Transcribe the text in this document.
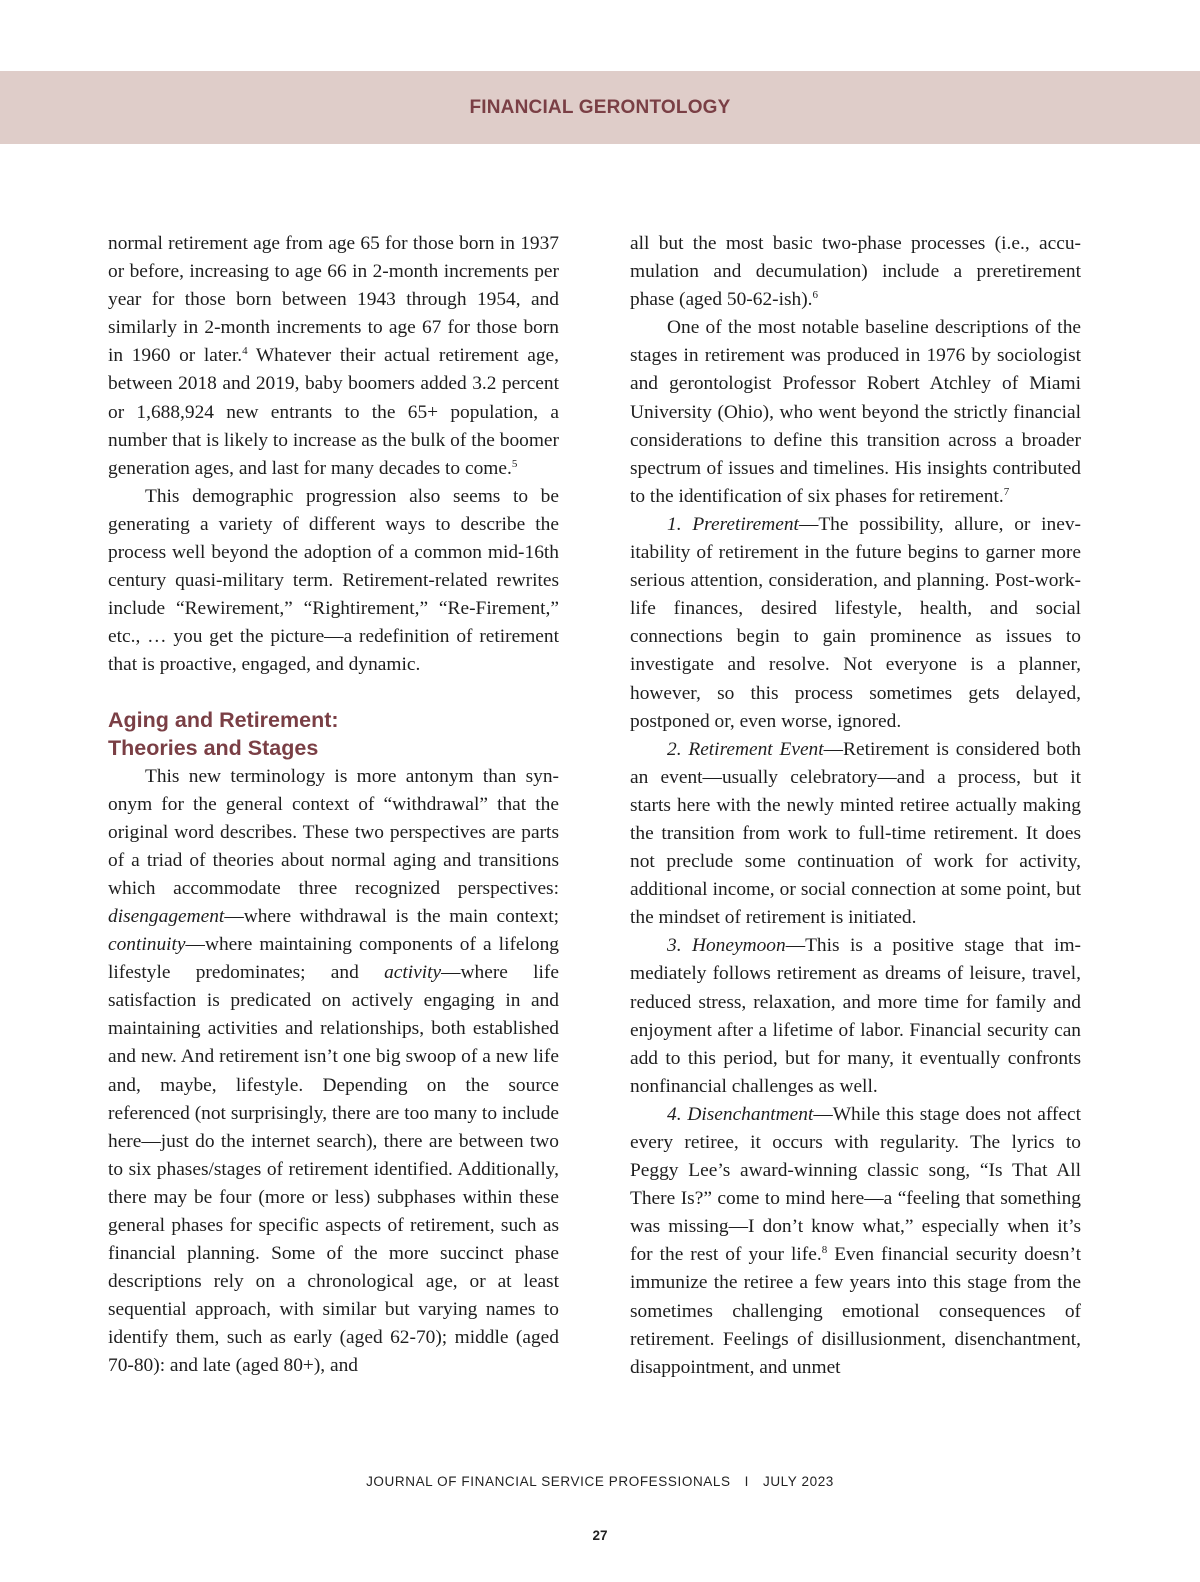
FINANCIAL GERONTOLOGY

normal retirement age from age 65 for those born in 1937 or before, increasing to age 66 in 2-month increments per year for those born between 1943 through 1954, and similarly in 2-month increments to age 67 for those born in 1960 or later.$^4$ Whatever their actual retirement age, between 2018 and 2019, baby boomers added 3.2 percent or 1,688,924 new entrants to the 65+ population, a number that is likely to increase as the bulk of the boomer generation ages, and last for many decades to come.$^5$

This demographic progression also seems to be generating a variety of different ways to describe the process well beyond the adoption of a common mid-16th century quasi-military term. Retirement-related rewrites include “Rewirement,” “Rightirement,” “Re-Firement,” etc., … you get the picture—a redefinition of retirement that is proactive, engaged, and dynamic.

Aging and Retirement:
Theories and Stages

This new terminology is more antonym than synonym for the general context of “withdrawal” that the original word describes. These two perspectives are parts of a triad of theories about normal aging and transitions which accommodate three recognized perspectives: disengagement—where withdrawal is the main context; continuity—where maintaining components of a lifelong lifestyle predominates; and activity—where life satisfaction is predicated on actively engaging in and maintaining activities and relationships, both established and new. And retirement isn’t one big swoop of a new life and, maybe, lifestyle. Depending on the source referenced (not surprisingly, there are too many to include here—just do the internet search), there are between two to six phases/stages of retirement identified. Additionally, there may be four (more or less) subphases within these general phases for specific aspects of retirement, such as financial planning. Some of the more succinct phase descriptions rely on a chronological age, or at least sequential approach, with similar but varying names to identify them, such as early (aged 62-70); middle (aged 70-80): and late (aged 80+), and

all but the most basic two-phase processes (i.e., accumulation and decumulation) include a preretirement phase (aged 50-62-ish).$^6$

One of the most notable baseline descriptions of the stages in retirement was produced in 1976 by sociologist and gerontologist Professor Robert Atchley of Miami University (Ohio), who went beyond the strictly financial considerations to define this transition across a broader spectrum of issues and timelines. His insights contributed to the identification of six phases for retirement.$^7$

1. Preretirement—The possibility, allure, or inevitability of retirement in the future begins to garner more serious attention, consideration, and planning. Post-work-life finances, desired lifestyle, health, and social connections begin to gain prominence as issues to investigate and resolve. Not everyone is a planner, however, so this process sometimes gets delayed, postponed or, even worse, ignored.

2. Retirement Event—Retirement is considered both an event—usually celebratory—and a process, but it starts here with the newly minted retiree actually making the transition from work to full-time retirement. It does not preclude some continuation of work for activity, additional income, or social connection at some point, but the mindset of retirement is initiated.

3. Honeymoon—This is a positive stage that immediately follows retirement as dreams of leisure, travel, reduced stress, relaxation, and more time for family and enjoyment after a lifetime of labor. Financial security can add to this period, but for many, it eventually confronts nonfinancial challenges as well.

4. Disenchantment—While this stage does not affect every retiree, it occurs with regularity. The lyrics to Peggy Lee’s award-winning classic song, “Is That All There Is?” come to mind here—a “feeling that something was missing—I don’t know what,” especially when it’s for the rest of your life.$^8$ Even financial security doesn’t immunize the retiree a few years into this stage from the sometimes challenging emotional consequences of retirement. Feelings of disillusionment, disenchantment, disappointment, and unmet

JOURNAL OF FINANCIAL SERVICE PROFESSIONALS I JULY 2023
27
